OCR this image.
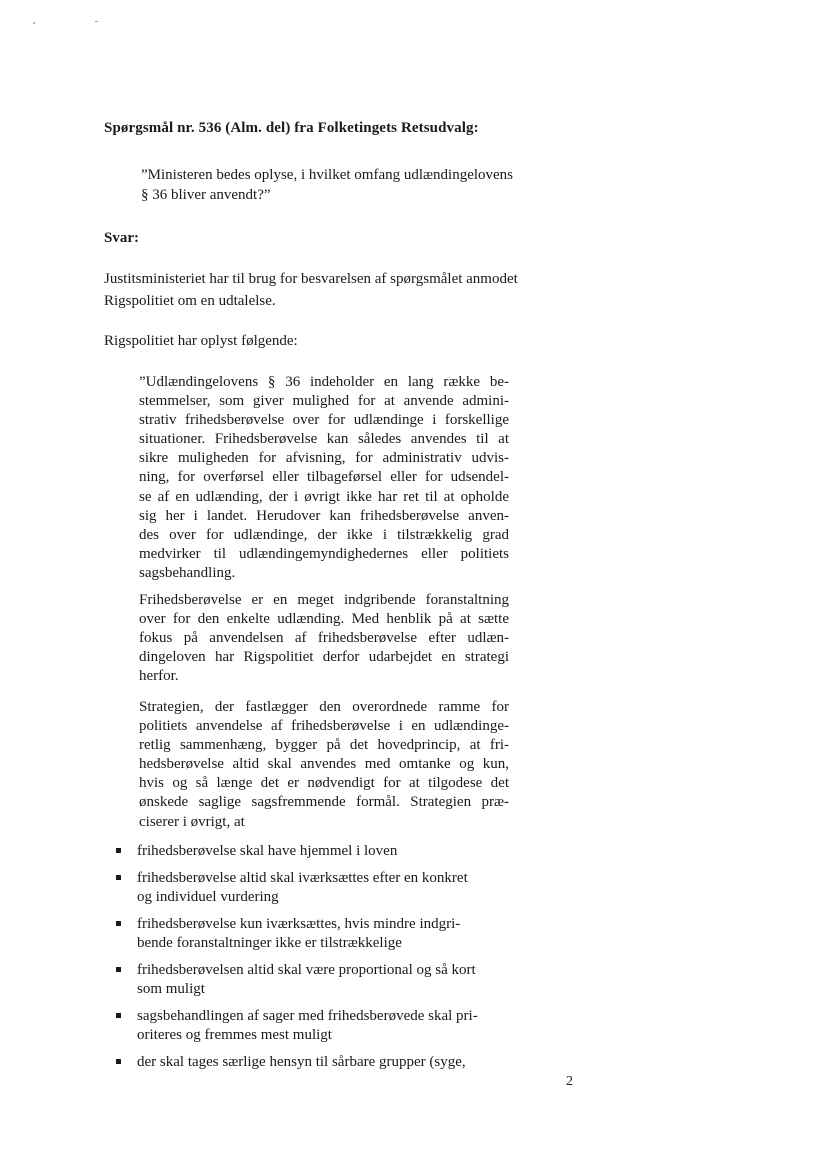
Spørgsmål nr. 536 (Alm. del) fra Folketingets Retsudvalg:
”Ministeren bedes oplyse, i hvilket omfang udlændingelovens
§ 36 bliver anvendt?”
Svar:
Justitsministeriet har til brug for besvarelsen af spørgsmålet anmodet
Rigspolitiet om en udtalelse.
Rigspolitiet har oplyst følgende:
”Udlændingelovens § 36 indeholder en lang række be-
stemmelser, som giver mulighed for at anvende admini-
strativ frihedsberøvelse over for udlændinge i forskellige
situationer. Frihedsberøvelse kan således anvendes til at
sikre muligheden for afvisning, for administrativ udvis-
ning, for overførsel eller tilbageførsel eller for udsendel-
se af en udlænding, der i øvrigt ikke har ret til at opholde
sig her i landet. Herudover kan frihedsberøvelse anven-
des over for udlændinge, der ikke i tilstrækkelig grad
medvirker til udlændingemyndighedernes eller politiets
sagsbehandling.
Frihedsberøvelse er en meget indgribende foranstaltning
over for den enkelte udlænding. Med henblik på at sætte
fokus på anvendelsen af frihedsberøvelse efter udlæn-
dingeloven har Rigspolitiet derfor udarbejdet en strategi
herfor.
Strategien, der fastlægger den overordnede ramme for
politiets anvendelse af frihedsberøvelse i en udlændinge-
retlig sammenhæng, bygger på det hovedprincip, at fri-
hedsberøvelse altid skal anvendes med omtanke og kun,
hvis og så længe det er nødvendigt for at tilgodese det
ønskede saglige sagsfremmende formål. Strategien præ-
ciserer i øvrigt, at
frihedsberøvelse skal have hjemmel i loven
frihedsberøvelse altid skal iværksættes efter en konkret
og individuel vurdering
frihedsberøvelse kun iværksættes, hvis mindre indgri-
bende foranstaltninger ikke er tilstrækkelige
frihedsberøvelsen altid skal være proportional og så kort
som muligt
sagsbehandlingen af sager med frihedsberøvede skal pri-
oriteres og fremmes mest muligt
der skal tages særlige hensyn til sårbare grupper (syge,
2
